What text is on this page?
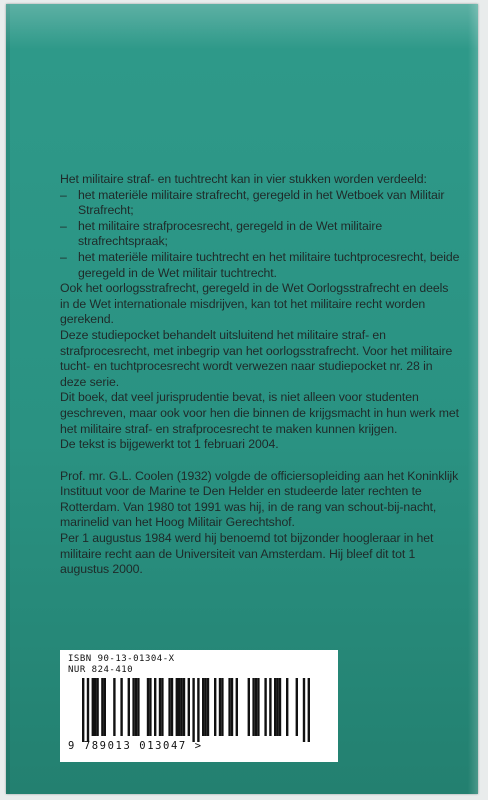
Het militaire straf- en tuchtrecht kan in vier stukken worden verdeeld:

– het materiële militaire strafrecht, geregeld in het Wetboek van Militair Strafrecht;
– het militaire strafprocesrecht, geregeld in de Wet militaire strafrechtspraak;
– het materiële militaire tuchtrecht en het militaire tuchtprocesrecht, beide geregeld in de Wet militair tuchtrecht.

Ook het oorlogsstrafrecht, geregeld in de Wet Oorlogsstrafrecht en deels in de Wet internationale misdrijven, kan tot het militaire recht worden gerekend.

Deze studiepocket behandelt uitsluitend het militaire straf- en strafprocesrecht, met inbegrip van het oorlogsstrafrecht. Voor het militaire tucht- en tuchtprocesrecht wordt verwezen naar studiepocket nr. 28 in deze serie.

Dit boek, dat veel jurisprudentie bevat, is niet alleen voor studenten geschreven, maar ook voor hen die binnen de krijgsmacht in hun werk met het militaire straf- en strafprocesrecht te maken kunnen krijgen.

De tekst is bijgewerkt tot 1 februari 2004.

Prof. mr. G.L. Coolen (1932) volgde de officiersopleiding aan het Koninklijk Instituut voor de Marine te Den Helder en studeerde later rechten te Rotterdam. Van 1980 tot 1991 was hij, in de rang van schout-bij-nacht, marinelid van het Hoog Militair Gerechtshof.

Per 1 augustus 1984 werd hij benoemd tot bijzonder hoogleraar in het militaire recht aan de Universiteit van Amsterdam. Hij bleef dit tot 1 augustus 2000.

ISBN 90-13-01304-X
NUR 824-410
9 789013 013047 >
